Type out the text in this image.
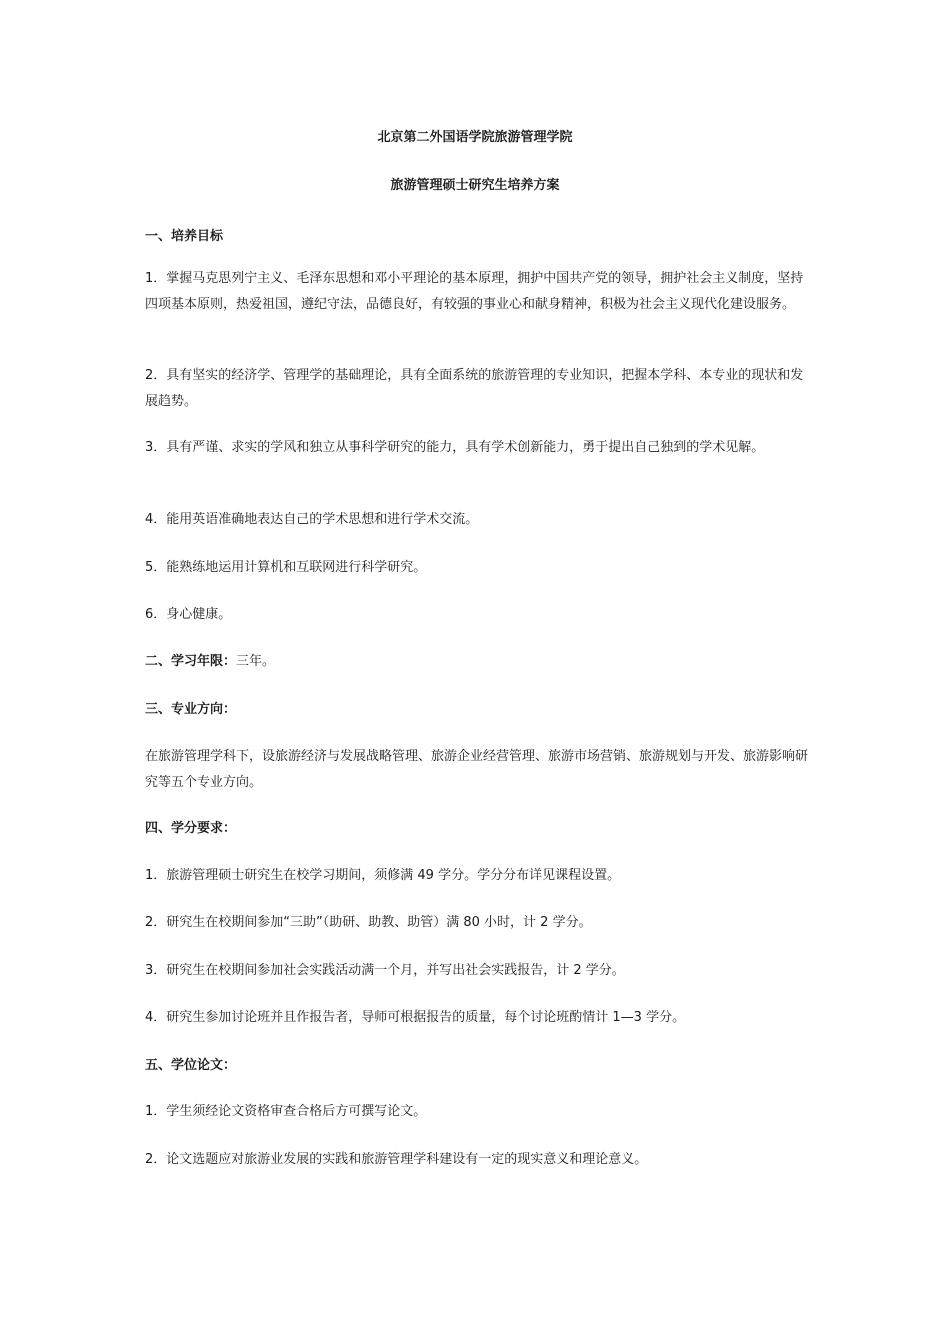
北京第二外国语学院旅游管理学院
旅游管理硕士研究生培养方案
一、培养目标
1．掌握马克思列宁主义、毛泽东思想和邓小平理论的基本原理，拥护中国共产党的领导，拥护社会主义制度，坚持四项基本原则，热爱祖国，遵纪守法，品德良好，有较强的事业心和献身精神，积极为社会主义现代化建设服务。
2．具有坚实的经济学、管理学的基础理论，具有全面系统的旅游管理的专业知识，把握本学科、本专业的现状和发展趋势。
3．具有严谨、求实的学风和独立从事科学研究的能力，具有学术创新能力，勇于提出自己独到的学术见解。
4．能用英语准确地表达自己的学术思想和进行学术交流。
5．能熟练地运用计算机和互联网进行科学研究。
6．身心健康。
二、学习年限：三年。
三、专业方向：
在旅游管理学科下，设旅游经济与发展战略管理、旅游企业经营管理、旅游市场营销、旅游规划与开发、旅游影响研究等五个专业方向。
四、学分要求：
1．旅游管理硕士研究生在校学习期间，须修满 49 学分。学分分布详见课程设置。
2．研究生在校期间参加“三助”（助研、助教、助管）满 80 小时，计 2 学分。
3．研究生在校期间参加社会实践活动满一个月，并写出社会实践报告，计 2 学分。
4．研究生参加讨论班并且作报告者，导师可根据报告的质量，每个讨论班酌情计 1—3 学分。
五、学位论文：
1．学生须经论文资格审查合格后方可撰写论文。
2．论文选题应对旅游业发展的实践和旅游管理学科建设有一定的现实意义和理论意义。
